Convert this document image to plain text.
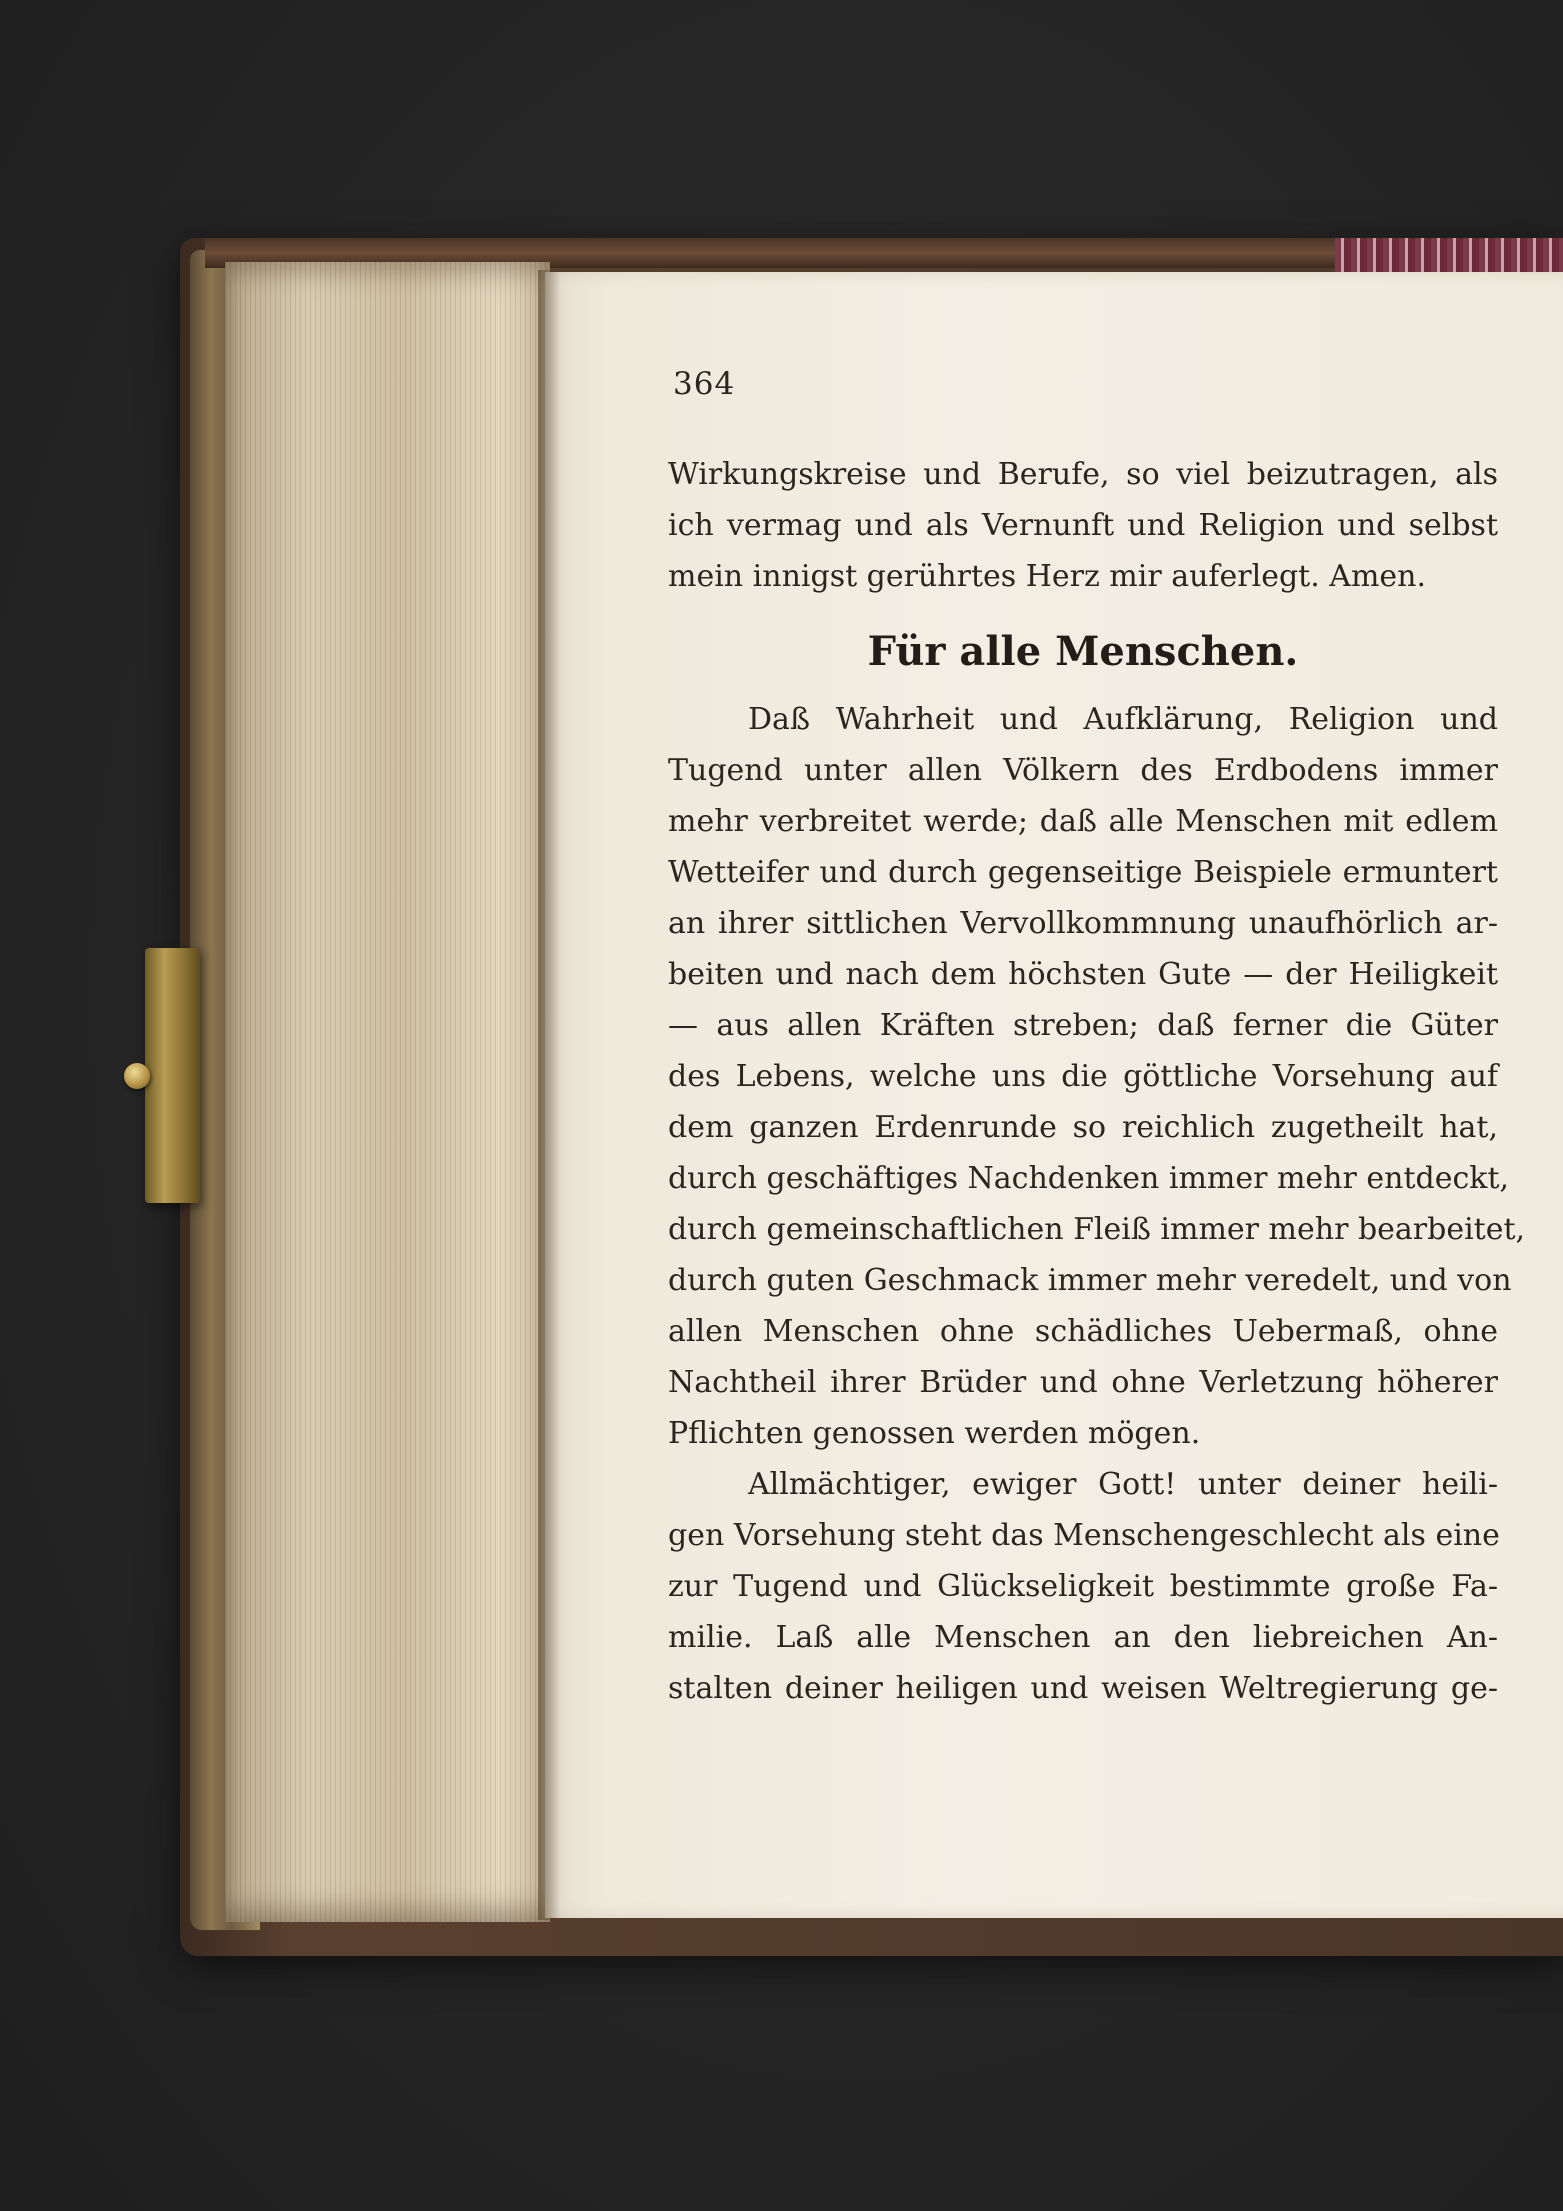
364
Wirkungskreise und Berufe, so viel beizutragen, als
ich vermag und als Vernunft und Religion und selbst
mein innigst gerührtes Herz mir auferlegt. Amen.
Für alle Menschen.
Daß Wahrheit und Aufklärung, Religion und
Tugend unter allen Völkern des Erdbodens immer
mehr verbreitet werde; daß alle Menschen mit edlem
Wetteifer und durch gegenseitige Beispiele ermuntert
an ihrer sittlichen Vervollkommnung unaufhörlich ar-
beiten und nach dem höchsten Gute — der Heiligkeit
— aus allen Kräften streben; daß ferner die Güter
des Lebens, welche uns die göttliche Vorsehung auf
dem ganzen Erdenrunde so reichlich zugetheilt hat,
durch geschäftiges Nachdenken immer mehr entdeckt,
durch gemeinschaftlichen Fleiß immer mehr bearbeitet,
durch guten Geschmack immer mehr veredelt, und von
allen Menschen ohne schädliches Uebermaß, ohne
Nachtheil ihrer Brüder und ohne Verletzung höherer
Pflichten genossen werden mögen.
Allmächtiger, ewiger Gott! unter deiner heili-
gen Vorsehung steht das Menschengeschlecht als eine
zur Tugend und Glückseligkeit bestimmte große Fa-
milie. Laß alle Menschen an den liebreichen An-
stalten deiner heiligen und weisen Weltregierung ge-
